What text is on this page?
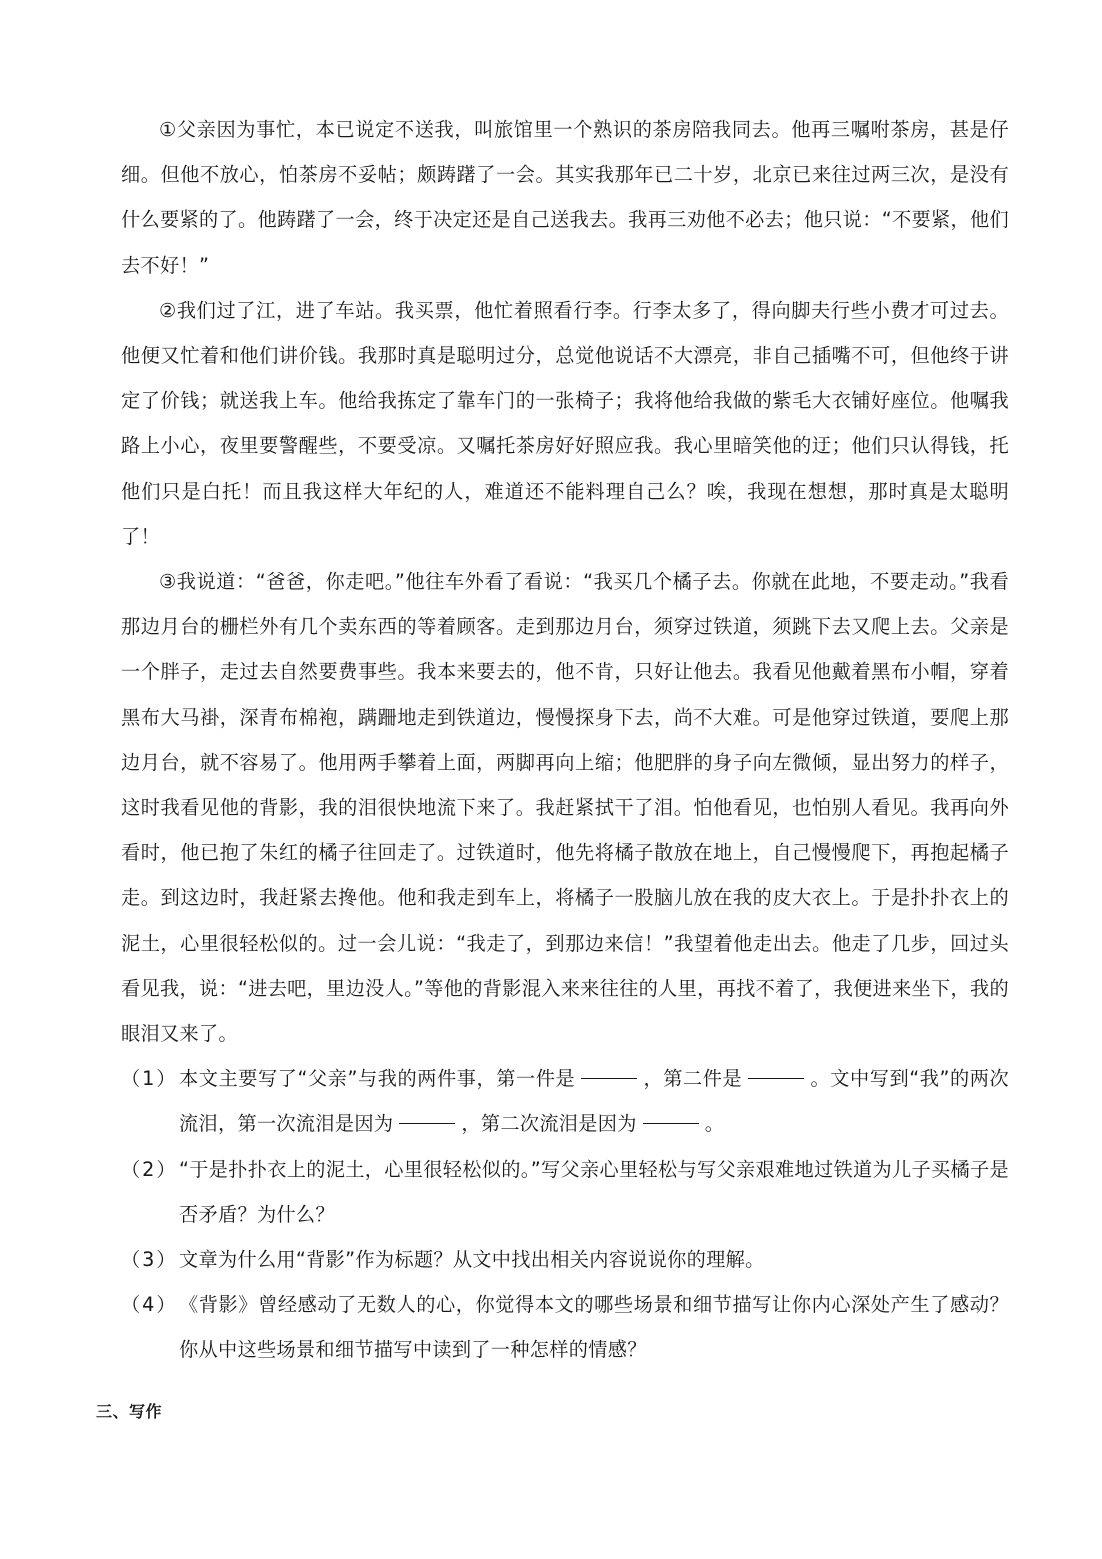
①父亲因为事忙，本已说定不送我，叫旅馆里一个熟识的茶房陪我同去。他再三嘱咐茶房，甚是仔细。但他不放心，怕茶房不妥帖；颇踌躇了一会。其实我那年已二十岁，北京已来往过两三次，是没有什么要紧的了。他踌躇了一会，终于决定还是自己送我去。我再三劝他不必去；他只说：“不要紧，他们去不好！”

②我们过了江，进了车站。我买票，他忙着照看行李。行李太多了，得向脚夫行些小费才可过去。他便又忙着和他们讲价钱。我那时真是聪明过分，总觉他说话不大漂亮，非自己插嘴不可，但他终于讲定了价钱；就送我上车。他给我拣定了靠车门的一张椅子；我将他给我做的紫毛大衣铺好座位。他嘱我路上小心，夜里要警醒些，不要受凉。又嘱托茶房好好照应我。我心里暗笑他的迂；他们只认得钱，托他们只是白托！而且我这样大年纪的人，难道还不能料理自己么？唉，我现在想想，那时真是太聪明了！

③我说道：“爸爸，你走吧。”他往车外看了看说：“我买几个橘子去。你就在此地，不要走动。”我看那边月台的栅栏外有几个卖东西的等着顾客。走到那边月台，须穿过铁道，须跳下去又爬上去。父亲是一个胖子，走过去自然要费事些。我本来要去的，他不肯，只好让他去。我看见他戴着黑布小帽，穿着黑布大马褂，深青布棉袍，蹒跚地走到铁道边，慢慢探身下去，尚不大难。可是他穿过铁道，要爬上那边月台，就不容易了。他用两手攀着上面，两脚再向上缩；他肥胖的身子向左微倾，显出努力的样子，这时我看见他的背影，我的泪很快地流下来了。我赶紧拭干了泪。怕他看见，也怕别人看见。我再向外看时，他已抱了朱红的橘子往回走了。过铁道时，他先将橘子散放在地上，自己慢慢爬下，再抱起橘子走。到这边时，我赶紧去搀他。他和我走到车上，将橘子一股脑儿放在我的皮大衣上。于是扑扑衣上的泥土，心里很轻松似的。过一会儿说：“我走了，到那边来信！”我望着他走出去。他走了几步，回过头看见我，说：“进去吧，里边没人。”等他的背影混入来来往往的人里，再找不着了，我便进来坐下，我的眼泪又来了。

（1） 本文主要写了“父亲”与我的两件事，第一件是	，第二件是	。文中写到“我”的两次流泪，第一次流泪是因为	，第二次流泪是因为	。
（2） “于是扑扑衣上的泥土，心里很轻松似的。”写父亲心里轻松与写父亲艰难地过铁道为儿子买橘子是否矛盾？为什么？
（3） 文章为什么用“背影”作为标题？从文中找出相关内容说说你的理解。
（4） 《背影》曾经感动了无数人的心，你觉得本文的哪些场景和细节描写让你内心深处产生了感动？你从中这些场景和细节描写中读到了一种怎样的情感？
三、写作
